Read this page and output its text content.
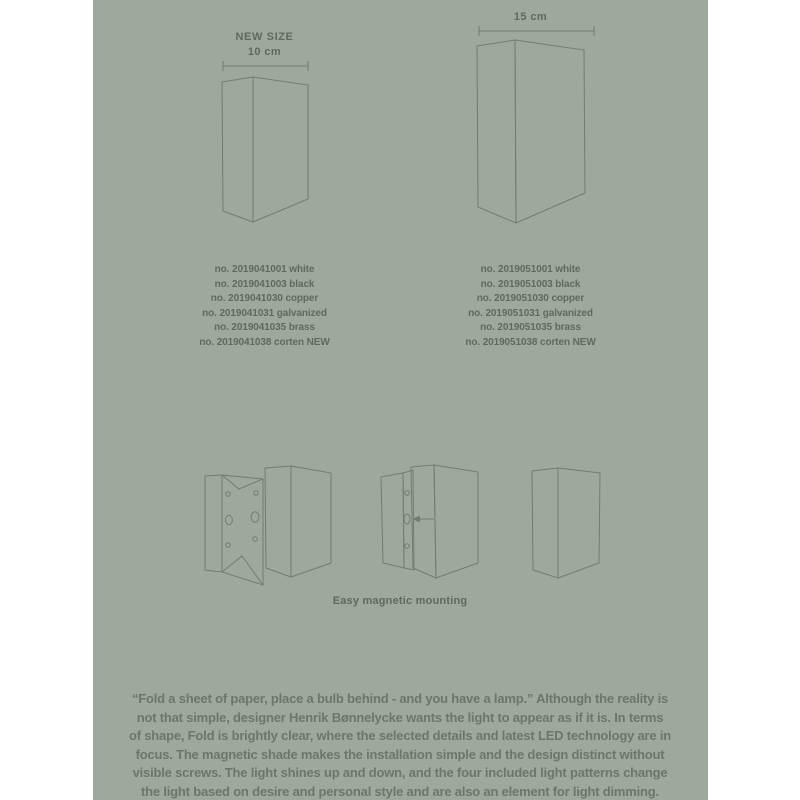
NEW SIZE
10 cm
15 cm
no. 2019041001 white
no. 2019041003 black
no. 2019041030 copper
no. 2019041031 galvanized
no. 2019041035 brass
no. 2019041038 corten NEW
no. 2019051001 white
no. 2019051003 black
no. 2019051030 copper
no. 2019051031 galvanized
no. 2019051035 brass
no. 2019051038 corten NEW
Easy magnetic mounting
“Fold a sheet of paper, place a bulb behind - and you have a lamp.” Although the reality is
not that simple, designer Henrik Bønnelycke wants the light to appear as if it is. In terms
of shape, Fold is brightly clear, where the selected details and latest LED technology are in
focus. The magnetic shade makes the installation simple and the design distinct without
visible screws. The light shines up and down, and the four included light patterns change
the light based on desire and personal style and are also an element for light dimming.
